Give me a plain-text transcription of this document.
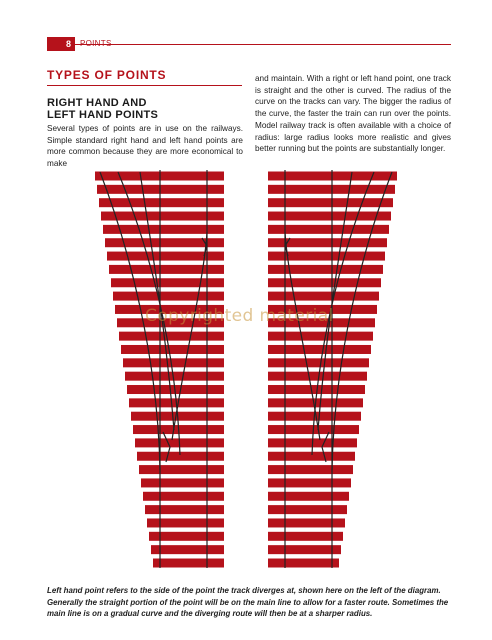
8	POINTS
TYPES OF POINTS
RIGHT HAND AND
LEFT HAND POINTS
Several types of points are in use on the railways. Simple standard right hand and left hand points are more common because they are more economical to make
and maintain. With a right or left hand point, one track is straight and the other is curved. The radius of the curve on the tracks can vary. The bigger the radius of the curve, the faster the train can run over the points. Model railway track is often available with a choice of radius: large radius looks more realistic and gives better running but the points are substantially longer.
Copyrighted material
Left hand point refers to the side of the point the track diverges at, shown here on the left of the diagram. Generally the straight portion of the point will be on the main line to allow for a faster route. Sometimes the main line is on a gradual curve and the diverging route will then be at a sharper radius.
